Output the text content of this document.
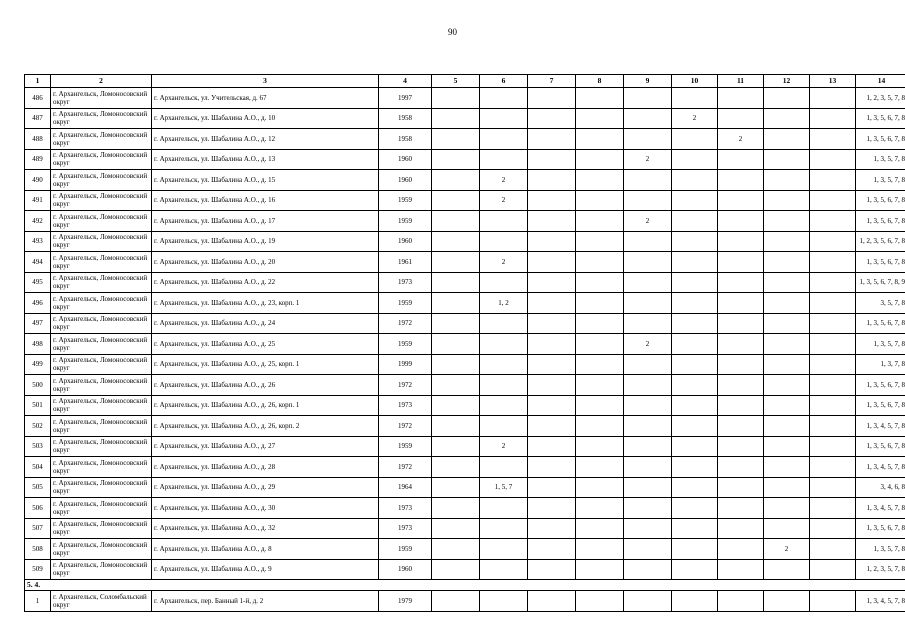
90
1	2	3	4	5	6	7	8	9	10	11	12	13	14
486	г. Архангельск, Ломоносовский округ	г. Архангельск, ул. Учительская, д. 67	1997										1, 2, 3, 5, 7, 8
487	г. Архангельск, Ломоносовский округ	г. Архангельск, ул. Шабалина А.О., д. 10	1958						2				1, 3, 5, 6, 7, 8
488	г. Архангельск, Ломоносовский округ	г. Архангельск, ул. Шабалина А.О., д. 12	1958							2			1, 3, 5, 6, 7, 8
489	г. Архангельск, Ломоносовский округ	г. Архангельск, ул. Шабалина А.О., д. 13	1960					2					1, 3, 5, 7, 8
490	г. Архангельск, Ломоносовский округ	г. Архангельск, ул. Шабалина А.О., д. 15	1960		2								1, 3, 5, 7, 8
491	г. Архангельск, Ломоносовский округ	г. Архангельск, ул. Шабалина А.О., д. 16	1959		2								1, 3, 5, 6, 7, 8
492	г. Архангельск, Ломоносовский округ	г. Архангельск, ул. Шабалина А.О., д. 17	1959					2					1, 3, 5, 6, 7, 8
493	г. Архангельск, Ломоносовский округ	г. Архангельск, ул. Шабалина А.О., д. 19	1960										1, 2, 3, 5, 6, 7, 8
494	г. Архангельск, Ломоносовский округ	г. Архангельск, ул. Шабалина А.О., д. 20	1961		2								1, 3, 5, 6, 7, 8
495	г. Архангельск, Ломоносовский округ	г. Архангельск, ул. Шабалина А.О., д. 22	1973										1, 3, 5, 6, 7, 8, 9
496	г. Архангельск, Ломоносовский округ	г. Архангельск, ул. Шабалина А.О., д. 23, корп. 1	1959		1, 2								3, 5, 7, 8
497	г. Архангельск, Ломоносовский округ	г. Архангельск, ул. Шабалина А.О., д. 24	1972										1, 3, 5, 6, 7, 8
498	г. Архангельск, Ломоносовский округ	г. Архангельск, ул. Шабалина А.О., д. 25	1959					2					1, 3, 5, 7, 8
499	г. Архангельск, Ломоносовский округ	г. Архангельск, ул. Шабалина А.О., д. 25, корп. 1	1999										1, 3, 7, 8
500	г. Архангельск, Ломоносовский округ	г. Архангельск, ул. Шабалина А.О., д. 26	1972										1, 3, 5, 6, 7, 8
501	г. Архангельск, Ломоносовский округ	г. Архангельск, ул. Шабалина А.О., д. 26, корп. 1	1973										1, 3, 5, 6, 7, 8
502	г. Архангельск, Ломоносовский округ	г. Архангельск, ул. Шабалина А.О., д. 26, корп. 2	1972										1, 3, 4, 5, 7, 8
503	г. Архангельск, Ломоносовский округ	г. Архангельск, ул. Шабалина А.О., д. 27	1959		2								1, 3, 5, 6, 7, 8
504	г. Архангельск, Ломоносовский округ	г. Архангельск, ул. Шабалина А.О., д. 28	1972										1, 3, 4, 5, 7, 8
505	г. Архангельск, Ломоносовский округ	г. Архангельск, ул. Шабалина А.О., д. 29	1964		1, 5, 7								3, 4, 6, 8
506	г. Архангельск, Ломоносовский округ	г. Архангельск, ул. Шабалина А.О., д. 30	1973										1, 3, 4, 5, 7, 8
507	г. Архангельск, Ломоносовский округ	г. Архангельск, ул. Шабалина А.О., д. 32	1973										1, 3, 5, 6, 7, 8
508	г. Архангельск, Ломоносовский округ	г. Архангельск, ул. Шабалина А.О., д. 8	1959								2		1, 3, 5, 7, 8
509	г. Архангельск, Ломоносовский округ	г. Архангельск, ул. Шабалина А.О., д. 9	1960										1, 2, 3, 5, 7, 8
5. 4.													
1	г. Архангельск, Соломбальский округ	г. Архангельск, пер. Банный 1-й, д. 2	1979										1, 3, 4, 5, 7, 8
